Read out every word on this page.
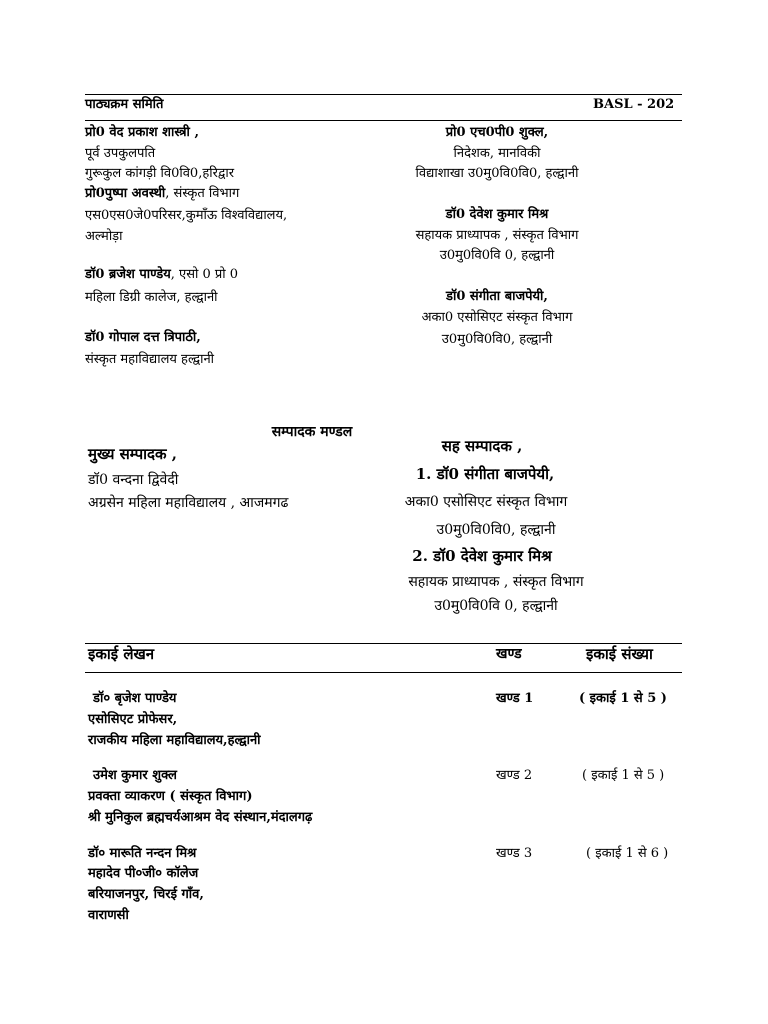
पाठ्यक्रम समिति	BASL - 202
प्रो0 वेद प्रकाश शास्त्री ,
पूर्व उपकुलपति
गुरूकुल कांगड़ी वि0वि0,हरिद्वार
प्रो0पुष्पा अवस्थी, संस्कृत विभाग
एस0एस0जे0परिसर,कुमाँऊ विश्वविद्यालय,
अल्मोड़ा
डॉ0 ब्रजेश पाण्डेय, एसो 0 प्रो 0
महिला डिग्री कालेज, हल्द्वानी
डॉ0 गोपाल दत्त त्रिपाठी,
संस्कृत महाविद्यालय हल्द्वानी
प्रो0 एच0पी0 शुक्ल,
निदेशक, मानविकी
विद्याशाखा उ0मु0वि0वि0, हल्द्वानी
डॉ0 देवेश कुमार मिश्र
सहायक प्राध्यापक , संस्कृत विभाग
उ0मु0वि0वि 0, हल्द्वानी
डॉ0 संगीता बाजपेयी,
अका0 एसोसिएट संस्कृत विभाग
उ0मु0वि0वि0, हल्द्वानी
सम्पादक मण्डल
मुख्य सम्पादक ,
डॉ0 वन्दना द्विवेदी
अग्रसेन महिला महाविद्यालय , आजमगढ
सह सम्पादक ,
1. डॉ0 संगीता बाजपेयी,
अका0 एसोसिएट संस्कृत विभाग
उ0मु0वि0वि0, हल्द्वानी
2. डॉ0 देवेश कुमार मिश्र
सहायक प्राध्यापक , संस्कृत विभाग
उ0मु0वि0वि 0, हल्द्वानी
इकाई लेखन	खण्ड	इकाई संख्या
डॉ० बृजेश पाण्डेय
एसोसिएट प्रोफेसर,
राजकीय महिला महाविद्यालय,हल्द्वानी
खण्ड 1	( इकाई 1 से 5 )
उमेश कुमार शुक्ल
प्रवक्ता व्याकरण ( संस्कृत विभाग)
श्री मुनिकुल ब्रह्मचर्यआश्रम वेद संस्थान,मंदालगढ़
खण्ड 2	( इकाई 1 से 5 )
डॉ० मारूति नन्दन मिश्र
महादेव पी०जी० कॉलेज
बरियाजनपुर, चिरई गाँव,
वाराणसी
खण्ड 3	( इकाई 1 से 6 )
